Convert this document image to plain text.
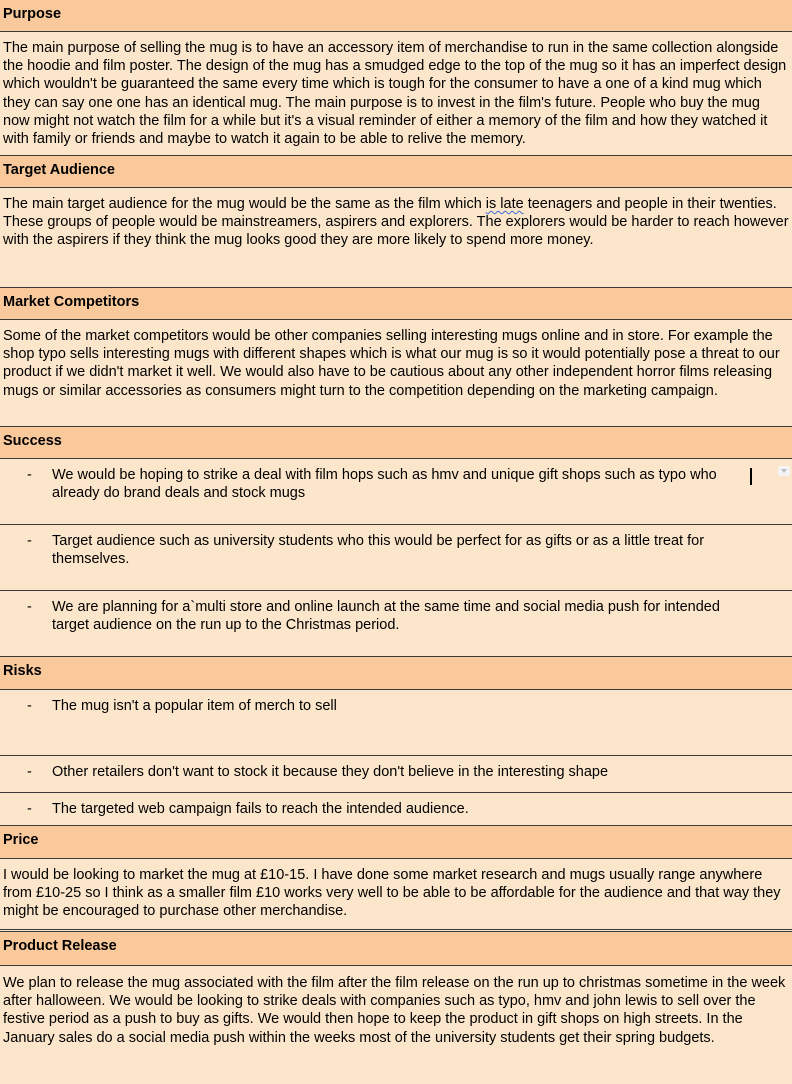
Purpose
The main purpose of selling the mug is to have an accessory item of merchandise to run in the same collection alongside the hoodie and film poster. The design of the mug has a smudged edge to the top of the mug so it has an imperfect design which wouldn't be guaranteed the same every time which is tough for the consumer to have a one of a kind mug which they can say one one has an identical mug. The main purpose is to invest in the film's future. People who buy the mug now might not watch the film for a while but it's a visual reminder of either a memory of the film and how they watched it with family or friends and maybe to watch it again to be able to relive the memory.
Target Audience
The main target audience for the mug would be the same as the film which is late teenagers and people in their twenties. These groups of people would be mainstreamers, aspirers and explorers. The explorers would be harder to reach however with the aspirers if they think the mug looks good they are more likely to spend more money.
Market Competitors
Some of the market competitors would be other companies selling interesting mugs online and in store. For example the shop typo sells interesting mugs with different shapes which is what our mug is so it would potentially pose a threat to our product if we didn't market it well. We would also have to be cautious about any other independent horror films releasing mugs or similar accessories as consumers might turn to the competition depending on the marketing campaign.
Success
- We would be hoping to strike a deal with film hops such as hmv and unique gift shops such as typo who already do brand deals and stock mugs
- Target audience such as university students who this would be perfect for as gifts or as a little treat for themselves.
- We are planning for a`multi store and online launch at the same time and social media push for intended target audience on the run up to the Christmas period.
Risks
- The mug isn't a popular item of merch to sell
- Other retailers don't want to stock it because they don't believe in the interesting shape
- The targeted web campaign fails to reach the intended audience.
Price
I would be looking to market the mug at £10-15. I have done some market research and mugs usually range anywhere from £10-25 so I think as a smaller film £10 works very well to be able to be affordable for the audience and that way they might be encouraged to purchase other merchandise.
Product Release
We plan to release the mug associated with the film after the film release on the run up to christmas sometime in the week after halloween. We would be looking to strike deals with companies such as typo, hmv and john lewis to sell over the festive period as a push to buy as gifts. We would then hope to keep the product in gift shops on high streets. In the January sales do a social media push within the weeks most of the university students get their spring budgets.
